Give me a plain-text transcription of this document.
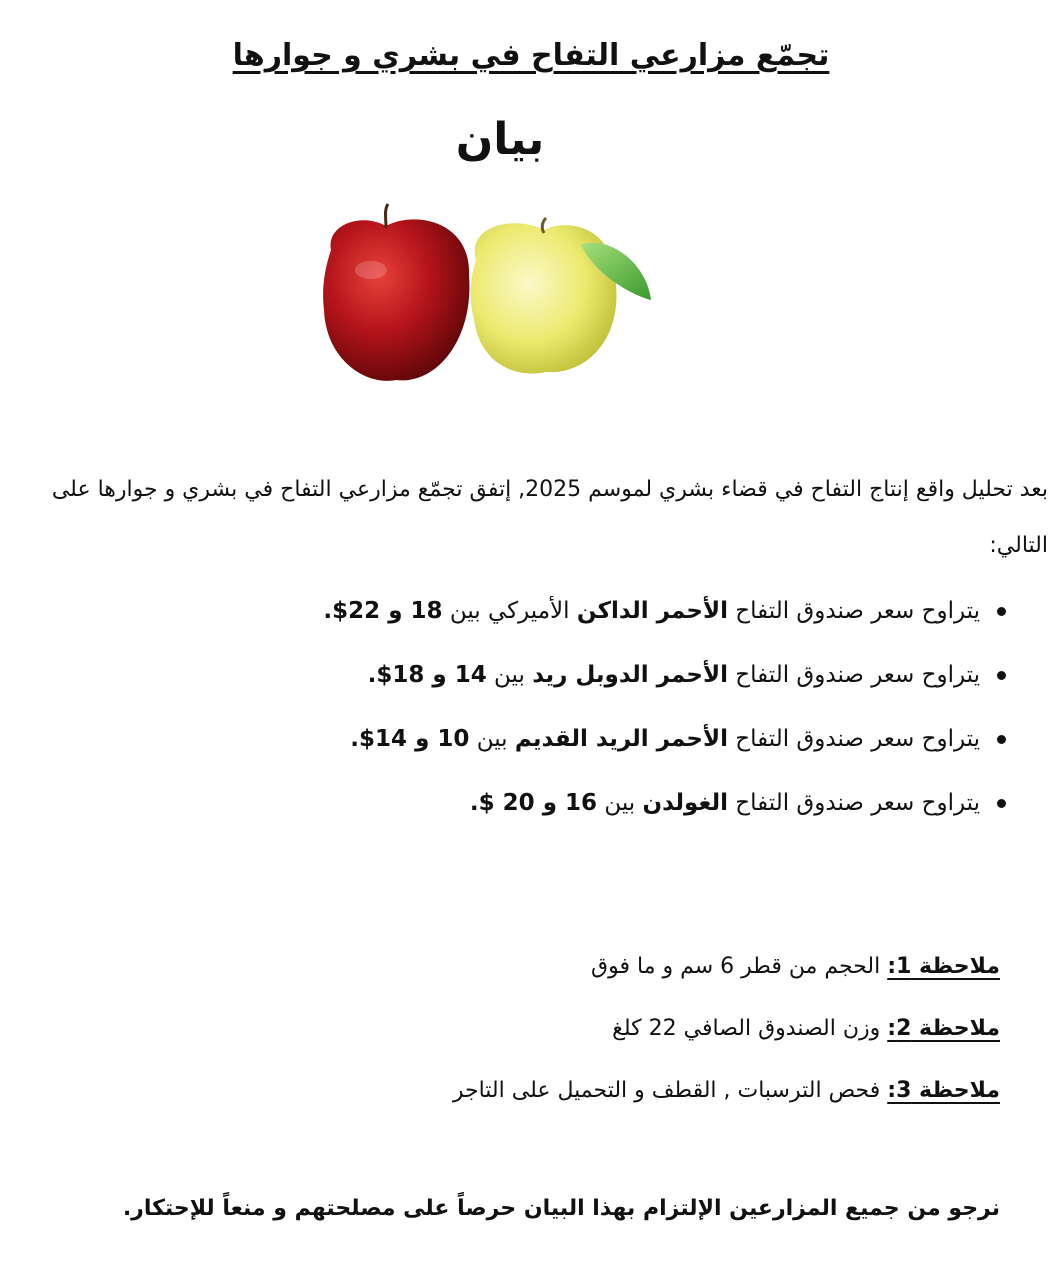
تجمّع مزارعي التفاح في بشري و جوارها
بيان

بعد تحليل واقع إنتاج التفاح في قضاء بشري لموسم 2025, إتفق تجمّع مزارعي التفاح في بشري و جوارها على التالي:

يتراوح سعر صندوق التفاح الأحمر الداكن الأميركي بين 18 و 22$.
يتراوح سعر صندوق التفاح الأحمر الدوبل ريد بين 14 و 18$.
يتراوح سعر صندوق التفاح الأحمر الريد القديم بين 10 و 14$.
يتراوح سعر صندوق التفاح الغولدن بين 16 و 20 $.
ملاحظة 1: الحجم من قطر 6 سم و ما فوق
ملاحظة 2: وزن الصندوق الصافي 22 كلغ
ملاحظة 3: فحص الترسبات , القطف و التحميل على التاجر

نرجو من جميع المزارعين الإلتزام بهذا البيان حرصاً على مصلحتهم و منعاً للإحتكار.
